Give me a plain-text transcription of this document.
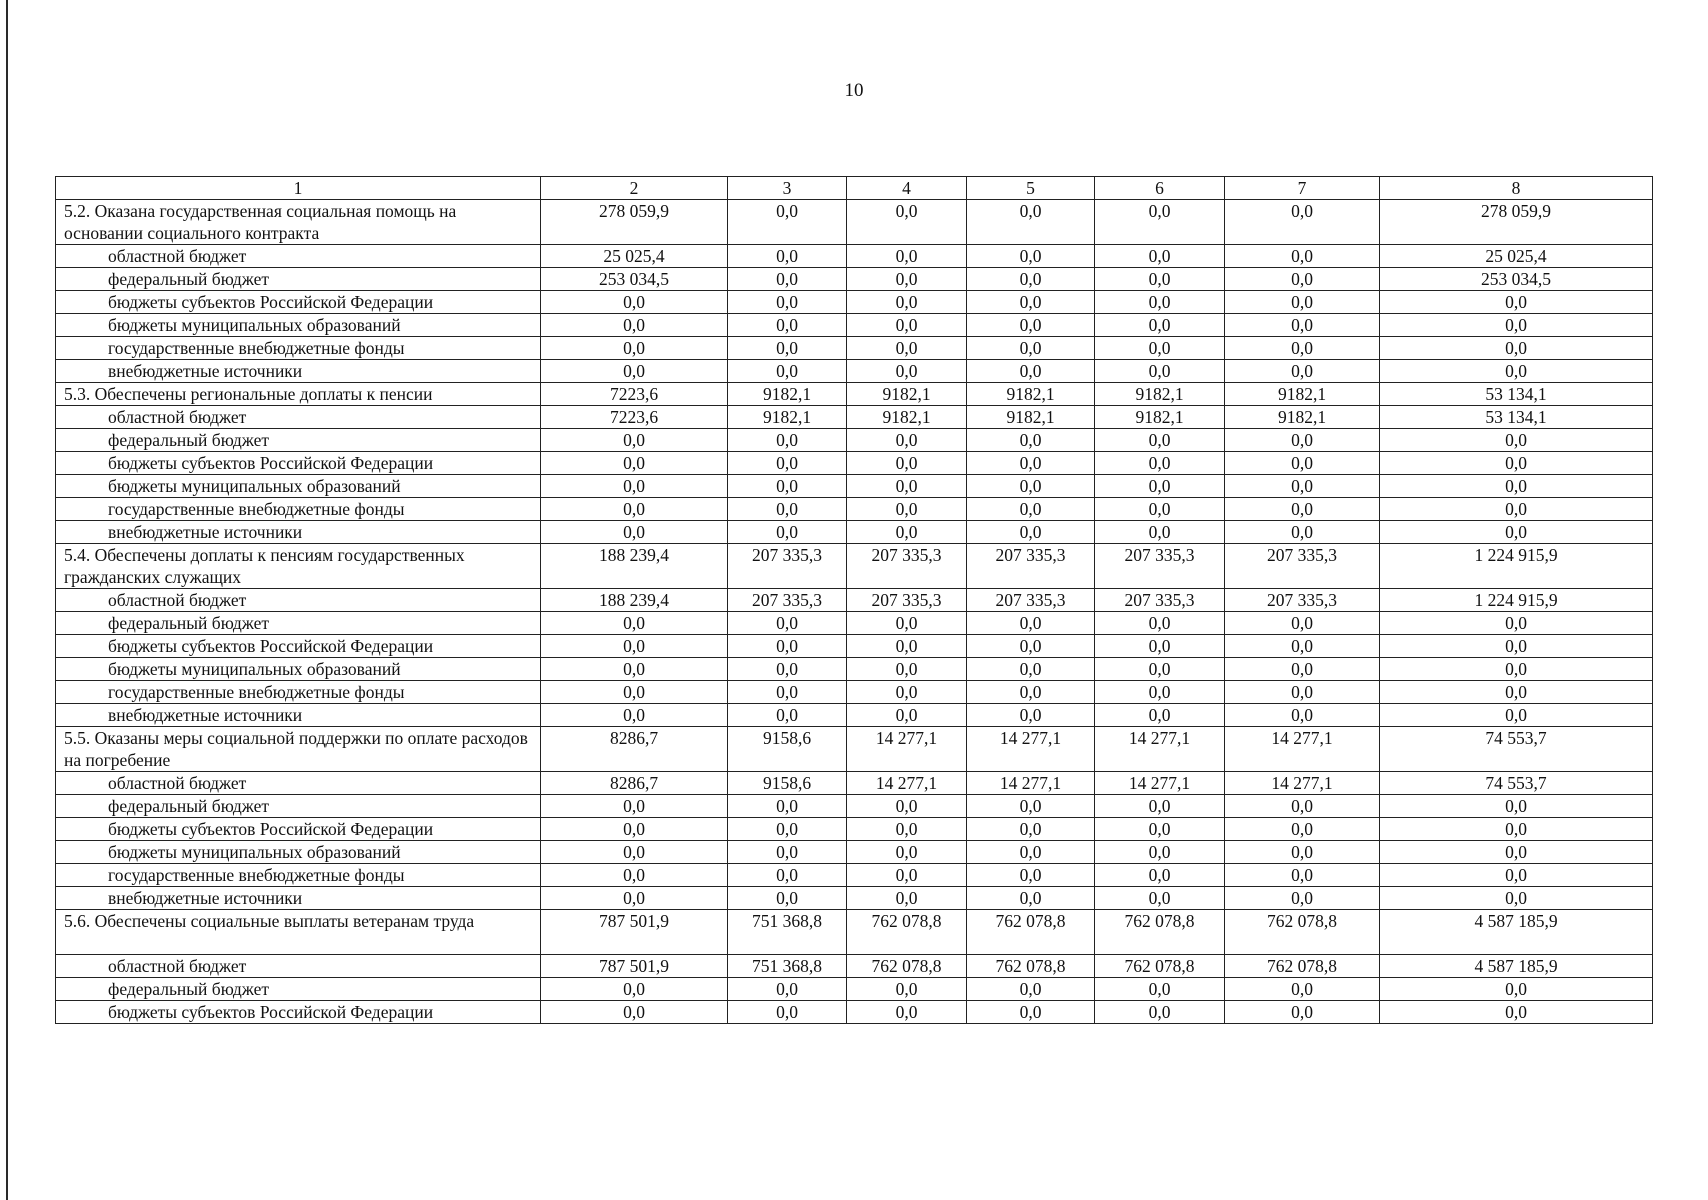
10
1	2	3	4	5	6	7	8
5.2. Оказана государственная социальная помощь на основании социального контракта	278 059,9	0,0	0,0	0,0	0,0	0,0	278 059,9
областной бюджет	25 025,4	0,0	0,0	0,0	0,0	0,0	25 025,4
федеральный бюджет	253 034,5	0,0	0,0	0,0	0,0	0,0	253 034,5
бюджеты субъектов Российской Федерации	0,0	0,0	0,0	0,0	0,0	0,0	0,0
бюджеты муниципальных образований	0,0	0,0	0,0	0,0	0,0	0,0	0,0
государственные внебюджетные фонды	0,0	0,0	0,0	0,0	0,0	0,0	0,0
внебюджетные источники	0,0	0,0	0,0	0,0	0,0	0,0	0,0
5.3. Обеспечены региональные доплаты к пенсии	7223,6	9182,1	9182,1	9182,1	9182,1	9182,1	53 134,1
областной бюджет	7223,6	9182,1	9182,1	9182,1	9182,1	9182,1	53 134,1
федеральный бюджет	0,0	0,0	0,0	0,0	0,0	0,0	0,0
бюджеты субъектов Российской Федерации	0,0	0,0	0,0	0,0	0,0	0,0	0,0
бюджеты муниципальных образований	0,0	0,0	0,0	0,0	0,0	0,0	0,0
государственные внебюджетные фонды	0,0	0,0	0,0	0,0	0,0	0,0	0,0
внебюджетные источники	0,0	0,0	0,0	0,0	0,0	0,0	0,0
5.4. Обеспечены доплаты к пенсиям государственных гражданских служащих	188 239,4	207 335,3	207 335,3	207 335,3	207 335,3	207 335,3	1 224 915,9
областной бюджет	188 239,4	207 335,3	207 335,3	207 335,3	207 335,3	207 335,3	1 224 915,9
федеральный бюджет	0,0	0,0	0,0	0,0	0,0	0,0	0,0
бюджеты субъектов Российской Федерации	0,0	0,0	0,0	0,0	0,0	0,0	0,0
бюджеты муниципальных образований	0,0	0,0	0,0	0,0	0,0	0,0	0,0
государственные внебюджетные фонды	0,0	0,0	0,0	0,0	0,0	0,0	0,0
внебюджетные источники	0,0	0,0	0,0	0,0	0,0	0,0	0,0
5.5. Оказаны меры социальной поддержки по оплате расходов на погребение	8286,7	9158,6	14 277,1	14 277,1	14 277,1	14 277,1	74 553,7
областной бюджет	8286,7	9158,6	14 277,1	14 277,1	14 277,1	14 277,1	74 553,7
федеральный бюджет	0,0	0,0	0,0	0,0	0,0	0,0	0,0
бюджеты субъектов Российской Федерации	0,0	0,0	0,0	0,0	0,0	0,0	0,0
бюджеты муниципальных образований	0,0	0,0	0,0	0,0	0,0	0,0	0,0
государственные внебюджетные фонды	0,0	0,0	0,0	0,0	0,0	0,0	0,0
внебюджетные источники	0,0	0,0	0,0	0,0	0,0	0,0	0,0
5.6. Обеспечены социальные выплаты ветеранам труда	787 501,9	751 368,8	762 078,8	762 078,8	762 078,8	762 078,8	4 587 185,9
областной бюджет	787 501,9	751 368,8	762 078,8	762 078,8	762 078,8	762 078,8	4 587 185,9
федеральный бюджет	0,0	0,0	0,0	0,0	0,0	0,0	0,0
бюджеты субъектов Российской Федерации	0,0	0,0	0,0	0,0	0,0	0,0	0,0
